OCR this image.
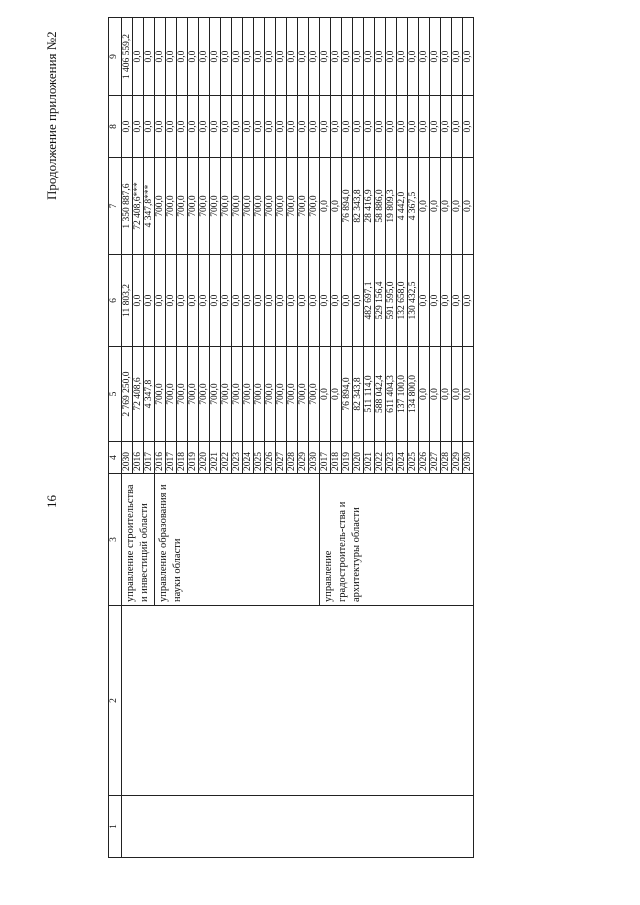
16
Продолжение приложения №2
1	2	3	4	5	6	7	8	9
		управление строительства и инвестиций области	2030	2 769 250,0	11 803,2	1 350 887,6	0,0	1 406 559,2
			2016	72 408,6	0,0	72 408,6***	0,0	0,0
			2017	4 347,8	0,0	4 347,8***	0,0	0,0
		управление образования и науки области	2016	700,0	0,0	700,0	0,0	0,0
			2017	700,0	0,0	700,0	0,0	0,0
			2018	700,0	0,0	700,0	0,0	0,0
			2019	700,0	0,0	700,0	0,0	0,0
			2020	700,0	0,0	700,0	0,0	0,0
			2021	700,0	0,0	700,0	0,0	0,0
			2022	700,0	0,0	700,0	0,0	0,0
			2023	700,0	0,0	700,0	0,0	0,0
			2024	700,0	0,0	700,0	0,0	0,0
			2025	700,0	0,0	700,0	0,0	0,0
			2026	700,0	0,0	700,0	0,0	0,0
			2027	700,0	0,0	700,0	0,0	0,0
			2028	700,0	0,0	700,0	0,0	0,0
			2029	700,0	0,0	700,0	0,0	0,0
			2030	700,0	0,0	700,0	0,0	0,0
		управление градостроитель-ства и архитектуры области	2017	0,0	0,0	0,0	0,0	0,0
			2018	0,0	0,0	0,0	0,0	0,0
			2019	76 894,0	0,0	76 894,0	0,0	0,0
			2020	82 343,8	0,0	82 343,8	0,0	0,0
			2021	511 114,0	482 697,1	28 416,9	0,0	0,0
			2022	588 042,4	529 156,4	58 886,0	0,0	0,0
			2023	611 404,3	591 595,0	19 809,3	0,0	0,0
			2024	137 100,0	132 658,0	4 442,0	0,0	0,0
			2025	134 800,0	130 432,5	4 367,5	0,0	0,0
			2026	0,0	0,0	0,0	0,0	0,0
			2027	0,0	0,0	0,0	0,0	0,0
			2028	0,0	0,0	0,0	0,0	0,0
			2029	0,0	0,0	0,0	0,0	0,0
			2030	0,0	0,0	0,0	0,0	0,0
